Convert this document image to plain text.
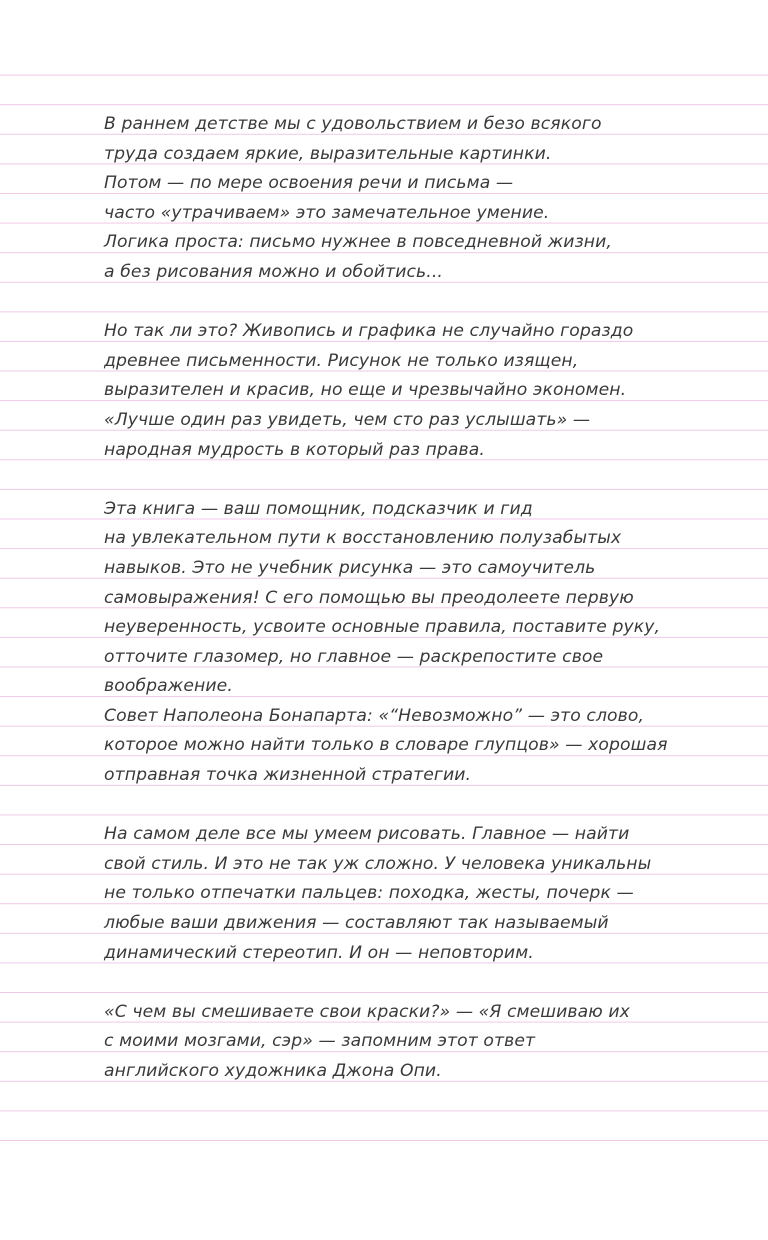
В раннем детстве мы с удовольствием и безо всякого
труда создаем яркие, выразительные картинки.
Потом — по мере освоения речи и письма —
часто «утрачиваем» это замечательное умение.
Логика проста: письмо нужнее в повседневной жизни,
а без рисования можно и обойтись...

Но так ли это? Живопись и графика не случайно гораздо
древнее письменности. Рисунок не только изящен,
выразителен и красив, но еще и чрезвычайно экономен.
«Лучше один раз увидеть, чем сто раз услышать» —
народная мудрость в который раз права.

Эта книга — ваш помощник, подсказчик и гид
на увлекательном пути к восстановлению полузабытых
навыков. Это не учебник рисунка — это самоучитель
самовыражения! С его помощью вы преодолеете первую
неуверенность, усвоите основные правила, поставите руку,
отточите глазомер, но главное — раскрепостите свое
воображение.
Совет Наполеона Бонапарта: «“Невозможно” — это слово,
которое можно найти только в словаре глупцов» — хорошая
отправная точка жизненной стратегии.

На самом деле все мы умеем рисовать. Главное — найти
свой стиль. И это не так уж сложно. У человека уникальны
не только отпечатки пальцев: походка, жесты, почерк —
любые ваши движения — составляют так называемый
динамический стереотип. И он — неповторим.

«С чем вы смешиваете свои краски?» — «Я смешиваю их
с моими мозгами, сэр» — запомним этот ответ
английского художника Джона Опи.
